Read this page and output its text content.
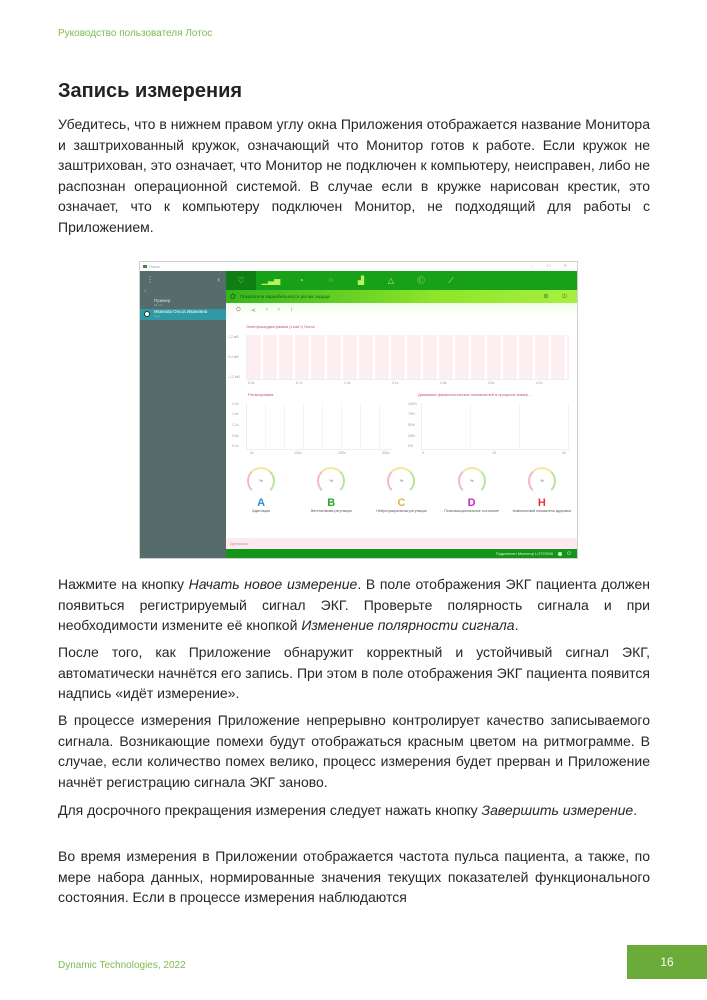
Руководство пользователя Лотос
Запись измерения

Убедитесь, что в нижнем правом углу окна Приложения отображается название Монитора и заштрихованный кружок, означающий что Монитор готов к работе. Если кружок не заштрихован, это означает, что Монитор не подключен к компьютеру, неисправен, либо не распознан операционной системой. В случае если в кружке нарисован крестик, это означает, что к компьютеру подключен Монитор, не подходящий для работы с Приложением.

Лотос	– ☐ ✕
⋮	‹
⌕
Пример
32 лет
Иванова Ольга Ивановна
Злат
♡	▁▃▅	◔	⁘	▟	△	Ⓒ	⟋
✿ Показатели вариабельности ритма сердца	⚙ ⏻
⛭ ⋖ ‹ › ↕
Электрокардиограмма (Lead I) Лотос
1.2 мВ
0.4 мВ
-1.2 мВ
0.0с	0.7с	1.4с	2.1с	2.8с	3.5с	4.2с
Ритмограмма
2.0с
1.6с
1.2с
0.8с
0.4с
0с	100с	200с	300с
Динамика физиологических показателей в процессе измер...
100%
75%
50%
25%
0%
0	15	30
%
A
Адаптация
%
B
Вегетативная регуляция
%
C
Нейрогуморальная регуляция
%
D
Психоэмоциональное состояние
%
H
Комплексный показатель здоровья
Динамика
Подключен Монитор LOTOS00	⏻

Нажмите на кнопку Начать новое измерение. В поле отображения ЭКГ пациента должен появиться регистрируемый сигнал ЭКГ. Проверьте полярность сигнала и при необходимости измените её кнопкой Изменение полярности сигнала.

После того, как Приложение обнаружит корректный и устойчивый сигнал ЭКГ, автоматически начнётся его запись. При этом в поле отображения ЭКГ пациента появится надпись «идёт измерение».

В процессе измерения Приложение непрерывно контролирует качество записываемого сигнала. Возникающие помехи будут отображаться красным цветом на ритмограмме. В случае, если количество помех велико, процесс измерения будет прерван и Приложение начнёт регистрацию сигнала ЭКГ заново.

Для досрочного прекращения измерения следует нажать кнопку Завершить измерение.

Во время измерения в Приложении отображается частота пульса пациента, а также, по мере набора данных, нормированные значения текущих показателей функционального состояния. Если в процессе измерения наблюдаются

Dynamic Technologies, 2022	16
